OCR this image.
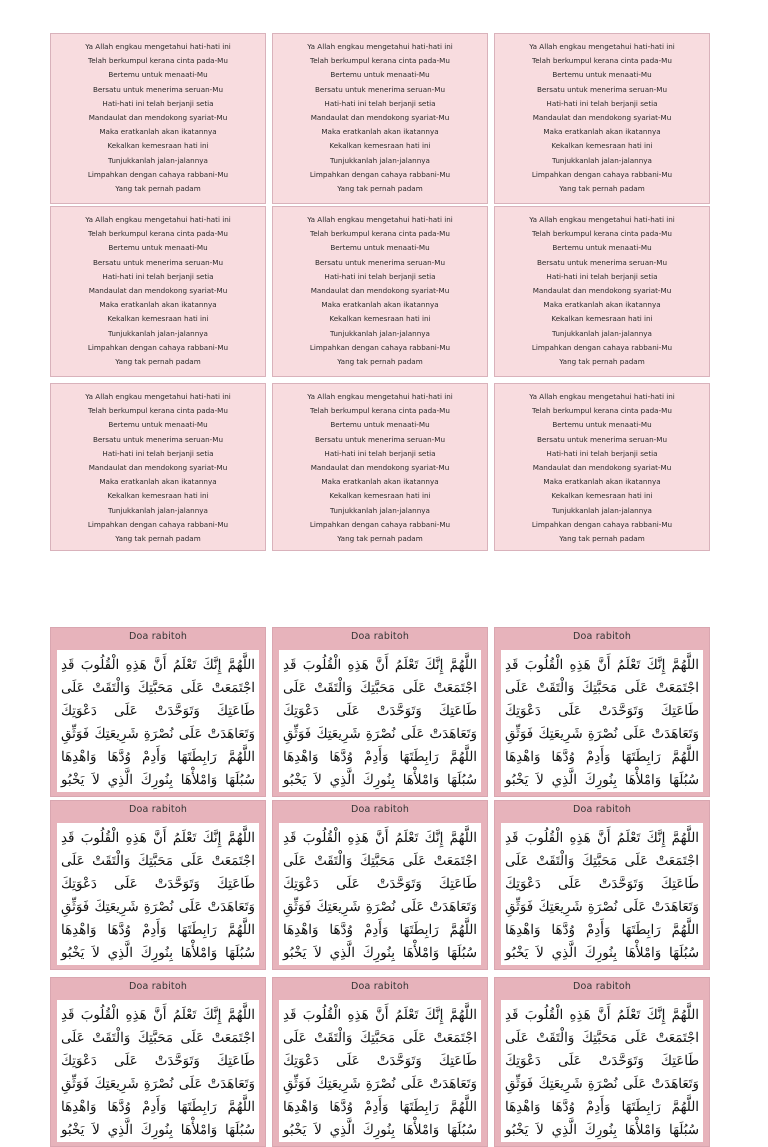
Ya Allah engkau mengetahui hati-hati ini
Telah berkumpul kerana cinta pada-Mu
Bertemu untuk menaati-Mu
Bersatu untuk menerima seruan-Mu
Hati-hati ini telah berjanji setia
Mandaulat dan mendokong syariat-Mu
Maka eratkanlah akan ikatannya
Kekalkan kemesraan hati ini
Tunjukkanlah jalan-jalannya
Limpahkan dengan cahaya rabbani-Mu
Yang tak pernah padam
Ya Allah engkau mengetahui hati-hati ini
Telah berkumpul kerana cinta pada-Mu
Bertemu untuk menaati-Mu
Bersatu untuk menerima seruan-Mu
Hati-hati ini telah berjanji setia
Mandaulat dan mendokong syariat-Mu
Maka eratkanlah akan ikatannya
Kekalkan kemesraan hati ini
Tunjukkanlah jalan-jalannya
Limpahkan dengan cahaya rabbani-Mu
Yang tak pernah padam
Ya Allah engkau mengetahui hati-hati ini
Telah berkumpul kerana cinta pada-Mu
Bertemu untuk menaati-Mu
Bersatu untuk menerima seruan-Mu
Hati-hati ini telah berjanji setia
Mandaulat dan mendokong syariat-Mu
Maka eratkanlah akan ikatannya
Kekalkan kemesraan hati ini
Tunjukkanlah jalan-jalannya
Limpahkan dengan cahaya rabbani-Mu
Yang tak pernah padam
Ya Allah engkau mengetahui hati-hati ini
Telah berkumpul kerana cinta pada-Mu
Bertemu untuk menaati-Mu
Bersatu untuk menerima seruan-Mu
Hati-hati ini telah berjanji setia
Mandaulat dan mendokong syariat-Mu
Maka eratkanlah akan ikatannya
Kekalkan kemesraan hati ini
Tunjukkanlah jalan-jalannya
Limpahkan dengan cahaya rabbani-Mu
Yang tak pernah padam
Ya Allah engkau mengetahui hati-hati ini
Telah berkumpul kerana cinta pada-Mu
Bertemu untuk menaati-Mu
Bersatu untuk menerima seruan-Mu
Hati-hati ini telah berjanji setia
Mandaulat dan mendokong syariat-Mu
Maka eratkanlah akan ikatannya
Kekalkan kemesraan hati ini
Tunjukkanlah jalan-jalannya
Limpahkan dengan cahaya rabbani-Mu
Yang tak pernah padam
Ya Allah engkau mengetahui hati-hati ini
Telah berkumpul kerana cinta pada-Mu
Bertemu untuk menaati-Mu
Bersatu untuk menerima seruan-Mu
Hati-hati ini telah berjanji setia
Mandaulat dan mendokong syariat-Mu
Maka eratkanlah akan ikatannya
Kekalkan kemesraan hati ini
Tunjukkanlah jalan-jalannya
Limpahkan dengan cahaya rabbani-Mu
Yang tak pernah padam
Ya Allah engkau mengetahui hati-hati ini
Telah berkumpul kerana cinta pada-Mu
Bertemu untuk menaati-Mu
Bersatu untuk menerima seruan-Mu
Hati-hati ini telah berjanji setia
Mandaulat dan mendokong syariat-Mu
Maka eratkanlah akan ikatannya
Kekalkan kemesraan hati ini
Tunjukkanlah jalan-jalannya
Limpahkan dengan cahaya rabbani-Mu
Yang tak pernah padam
Ya Allah engkau mengetahui hati-hati ini
Telah berkumpul kerana cinta pada-Mu
Bertemu untuk menaati-Mu
Bersatu untuk menerima seruan-Mu
Hati-hati ini telah berjanji setia
Mandaulat dan mendokong syariat-Mu
Maka eratkanlah akan ikatannya
Kekalkan kemesraan hati ini
Tunjukkanlah jalan-jalannya
Limpahkan dengan cahaya rabbani-Mu
Yang tak pernah padam
Ya Allah engkau mengetahui hati-hati ini
Telah berkumpul kerana cinta pada-Mu
Bertemu untuk menaati-Mu
Bersatu untuk menerima seruan-Mu
Hati-hati ini telah berjanji setia
Mandaulat dan mendokong syariat-Mu
Maka eratkanlah akan ikatannya
Kekalkan kemesraan hati ini
Tunjukkanlah jalan-jalannya
Limpahkan dengan cahaya rabbani-Mu
Yang tak pernah padam
Doa rabitoh
اللَّهُمَّ إِنَّكَ تَعْلَمُ أَنَّ هَذِهِ الْقُلُوبَ قَدِ اجْتَمَعَتْ عَلَى مَحَبَّتِكَ وَالْتَقَتْ عَلَى طَاعَتِكَ وَتَوَحَّدَتْ عَلَى دَعْوَتِكَ وَتَعَاهَدَتْ عَلَى نُصْرَةِ شَرِيعَتِكَ فَوَثِّقِ اللَّهُمَّ رَابِطَتَهَا وَأَدِمْ وُدَّهَا وَاهْدِهَا سُبُلَهَا وَامْلأْهَا بِنُورِكَ الَّذِي لاَ يَخْبُو
Doa rabitoh
اللَّهُمَّ إِنَّكَ تَعْلَمُ أَنَّ هَذِهِ الْقُلُوبَ قَدِ اجْتَمَعَتْ عَلَى مَحَبَّتِكَ وَالْتَقَتْ عَلَى طَاعَتِكَ وَتَوَحَّدَتْ عَلَى دَعْوَتِكَ وَتَعَاهَدَتْ عَلَى نُصْرَةِ شَرِيعَتِكَ فَوَثِّقِ اللَّهُمَّ رَابِطَتَهَا وَأَدِمْ وُدَّهَا وَاهْدِهَا سُبُلَهَا وَامْلأْهَا بِنُورِكَ الَّذِي لاَ يَخْبُو
Doa rabitoh
اللَّهُمَّ إِنَّكَ تَعْلَمُ أَنَّ هَذِهِ الْقُلُوبَ قَدِ اجْتَمَعَتْ عَلَى مَحَبَّتِكَ وَالْتَقَتْ عَلَى طَاعَتِكَ وَتَوَحَّدَتْ عَلَى دَعْوَتِكَ وَتَعَاهَدَتْ عَلَى نُصْرَةِ شَرِيعَتِكَ فَوَثِّقِ اللَّهُمَّ رَابِطَتَهَا وَأَدِمْ وُدَّهَا وَاهْدِهَا سُبُلَهَا وَامْلأْهَا بِنُورِكَ الَّذِي لاَ يَخْبُو
Doa rabitoh
اللَّهُمَّ إِنَّكَ تَعْلَمُ أَنَّ هَذِهِ الْقُلُوبَ قَدِ اجْتَمَعَتْ عَلَى مَحَبَّتِكَ وَالْتَقَتْ عَلَى طَاعَتِكَ وَتَوَحَّدَتْ عَلَى دَعْوَتِكَ وَتَعَاهَدَتْ عَلَى نُصْرَةِ شَرِيعَتِكَ فَوَثِّقِ اللَّهُمَّ رَابِطَتَهَا وَأَدِمْ وُدَّهَا وَاهْدِهَا سُبُلَهَا وَامْلأْهَا بِنُورِكَ الَّذِي لاَ يَخْبُو
Doa rabitoh
اللَّهُمَّ إِنَّكَ تَعْلَمُ أَنَّ هَذِهِ الْقُلُوبَ قَدِ اجْتَمَعَتْ عَلَى مَحَبَّتِكَ وَالْتَقَتْ عَلَى طَاعَتِكَ وَتَوَحَّدَتْ عَلَى دَعْوَتِكَ وَتَعَاهَدَتْ عَلَى نُصْرَةِ شَرِيعَتِكَ فَوَثِّقِ اللَّهُمَّ رَابِطَتَهَا وَأَدِمْ وُدَّهَا وَاهْدِهَا سُبُلَهَا وَامْلأْهَا بِنُورِكَ الَّذِي لاَ يَخْبُو
Doa rabitoh
اللَّهُمَّ إِنَّكَ تَعْلَمُ أَنَّ هَذِهِ الْقُلُوبَ قَدِ اجْتَمَعَتْ عَلَى مَحَبَّتِكَ وَالْتَقَتْ عَلَى طَاعَتِكَ وَتَوَحَّدَتْ عَلَى دَعْوَتِكَ وَتَعَاهَدَتْ عَلَى نُصْرَةِ شَرِيعَتِكَ فَوَثِّقِ اللَّهُمَّ رَابِطَتَهَا وَأَدِمْ وُدَّهَا وَاهْدِهَا سُبُلَهَا وَامْلأْهَا بِنُورِكَ الَّذِي لاَ يَخْبُو
Doa rabitoh
اللَّهُمَّ إِنَّكَ تَعْلَمُ أَنَّ هَذِهِ الْقُلُوبَ قَدِ اجْتَمَعَتْ عَلَى مَحَبَّتِكَ وَالْتَقَتْ عَلَى طَاعَتِكَ وَتَوَحَّدَتْ عَلَى دَعْوَتِكَ وَتَعَاهَدَتْ عَلَى نُصْرَةِ شَرِيعَتِكَ فَوَثِّقِ اللَّهُمَّ رَابِطَتَهَا وَأَدِمْ وُدَّهَا وَاهْدِهَا سُبُلَهَا وَامْلأْهَا بِنُورِكَ الَّذِي لاَ يَخْبُو
Doa rabitoh
اللَّهُمَّ إِنَّكَ تَعْلَمُ أَنَّ هَذِهِ الْقُلُوبَ قَدِ اجْتَمَعَتْ عَلَى مَحَبَّتِكَ وَالْتَقَتْ عَلَى طَاعَتِكَ وَتَوَحَّدَتْ عَلَى دَعْوَتِكَ وَتَعَاهَدَتْ عَلَى نُصْرَةِ شَرِيعَتِكَ فَوَثِّقِ اللَّهُمَّ رَابِطَتَهَا وَأَدِمْ وُدَّهَا وَاهْدِهَا سُبُلَهَا وَامْلأْهَا بِنُورِكَ الَّذِي لاَ يَخْبُو
Doa rabitoh
اللَّهُمَّ إِنَّكَ تَعْلَمُ أَنَّ هَذِهِ الْقُلُوبَ قَدِ اجْتَمَعَتْ عَلَى مَحَبَّتِكَ وَالْتَقَتْ عَلَى طَاعَتِكَ وَتَوَحَّدَتْ عَلَى دَعْوَتِكَ وَتَعَاهَدَتْ عَلَى نُصْرَةِ شَرِيعَتِكَ فَوَثِّقِ اللَّهُمَّ رَابِطَتَهَا وَأَدِمْ وُدَّهَا وَاهْدِهَا سُبُلَهَا وَامْلأْهَا بِنُورِكَ الَّذِي لاَ يَخْبُو
